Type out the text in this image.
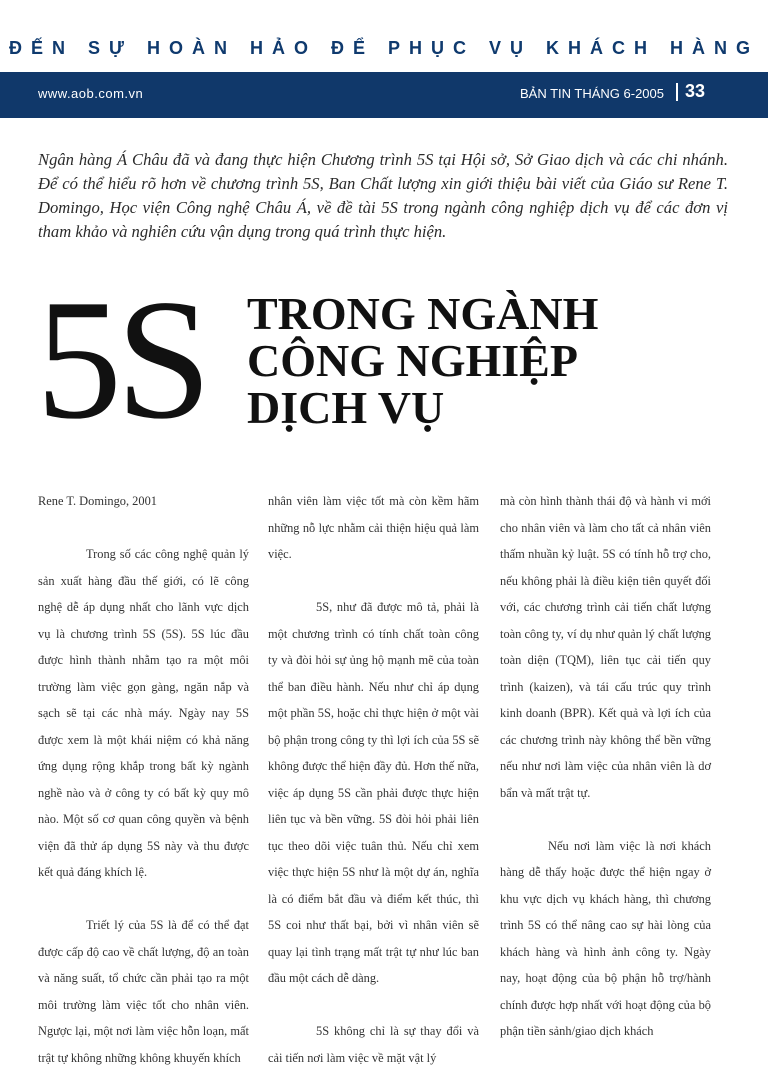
ĐẾN SỰ HOÀN HẢO ĐỂ PHỤC VỤ KHÁCH HÀNG
www.aob.com.vn	BẢN TIN THÁNG 6-2005 33
Ngân hàng Á Châu đã và đang thực hiện Chương trình 5S tại Hội sở, Sở Giao dịch và các chi nhánh. Để có thể hiểu rõ hơn về chương trình 5S, Ban Chất lượng xin giới thiệu bài viết của Giáo sư Rene T. Domingo, Học viện Công nghệ Châu Á, về đề tài 5S trong ngành công nghiệp dịch vụ để các đơn vị tham khảo và nghiên cứu vận dụng trong quá trình thực hiện.
5S TRONG NGÀNH
CÔNG NGHIỆP
DỊCH VỤ

Rene T. Domingo, 2001

Trong số các công nghệ quản lý sản xuất hàng đầu thế giới, có lẽ công nghệ dễ áp dụng nhất cho lãnh vực dịch vụ là chương trình 5S (5S). 5S lúc đầu được hình thành nhằm tạo ra một môi trường làm việc gọn gàng, ngăn nắp và sạch sẽ tại các nhà máy. Ngày nay 5S được xem là một khái niệm có khả năng ứng dụng rộng khắp trong bất kỳ ngành nghề nào và ở công ty có bất kỳ quy mô nào. Một số cơ quan công quyền và bệnh viện đã thử áp dụng 5S này và thu được kết quả đáng khích lệ.

Triết lý của 5S là để có thể đạt được cấp độ cao về chất lượng, độ an toàn và năng suất, tổ chức cần phải tạo ra một môi trường làm việc tốt cho nhân viên. Ngược lại, một nơi làm việc hỗn loạn, mất trật tự không những không khuyến khích

nhân viên làm việc tốt mà còn kềm hãm những nỗ lực nhằm cải thiện hiệu quả làm việc.

5S, như đã được mô tả, phải là một chương trình có tính chất toàn công ty và đòi hỏi sự ủng hộ mạnh mẽ của toàn thể ban điều hành. Nếu như chỉ áp dụng một phần 5S, hoặc chỉ thực hiện ở một vài bộ phận trong công ty thì lợi ích của 5S sẽ không được thể hiện đầy đủ. Hơn thế nữa, việc áp dụng 5S cần phải được thực hiện liên tục và bền vững. 5S đòi hỏi phải liên tục theo dõi việc tuân thủ. Nếu chỉ xem việc thực hiện 5S như là một dự án, nghĩa là có điểm bắt đầu và điểm kết thúc, thì 5S coi như thất bại, bởi vì nhân viên sẽ quay lại tình trạng mất trật tự như lúc ban đầu một cách dễ dàng.

5S không chỉ là sự thay đổi và cải tiến nơi làm việc về mặt vật lý

mà còn hình thành thái độ và hành vi mới cho nhân viên và làm cho tất cả nhân viên thấm nhuần kỷ luật. 5S có tính hỗ trợ cho, nếu không phải là điều kiện tiên quyết đối với, các chương trình cải tiến chất lượng toàn công ty, ví dụ như quản lý chất lượng toàn diện (TQM), liên tục cải tiến quy trình (kaizen), và tái cấu trúc quy trình kinh doanh (BPR). Kết quả và lợi ích của các chương trình này không thể bền vững nếu như nơi làm việc của nhân viên là dơ bẩn và mất trật tự.

Nếu nơi làm việc là nơi khách hàng dễ thấy hoặc được thể hiện ngay ở khu vực dịch vụ khách hàng, thì chương trình 5S có thể nâng cao sự hài lòng của khách hàng và hình ảnh công ty. Ngày nay, hoạt động của bộ phận hỗ trợ/hành chính được hợp nhất với hoạt động của bộ phận tiền sảnh/giao dịch khách
